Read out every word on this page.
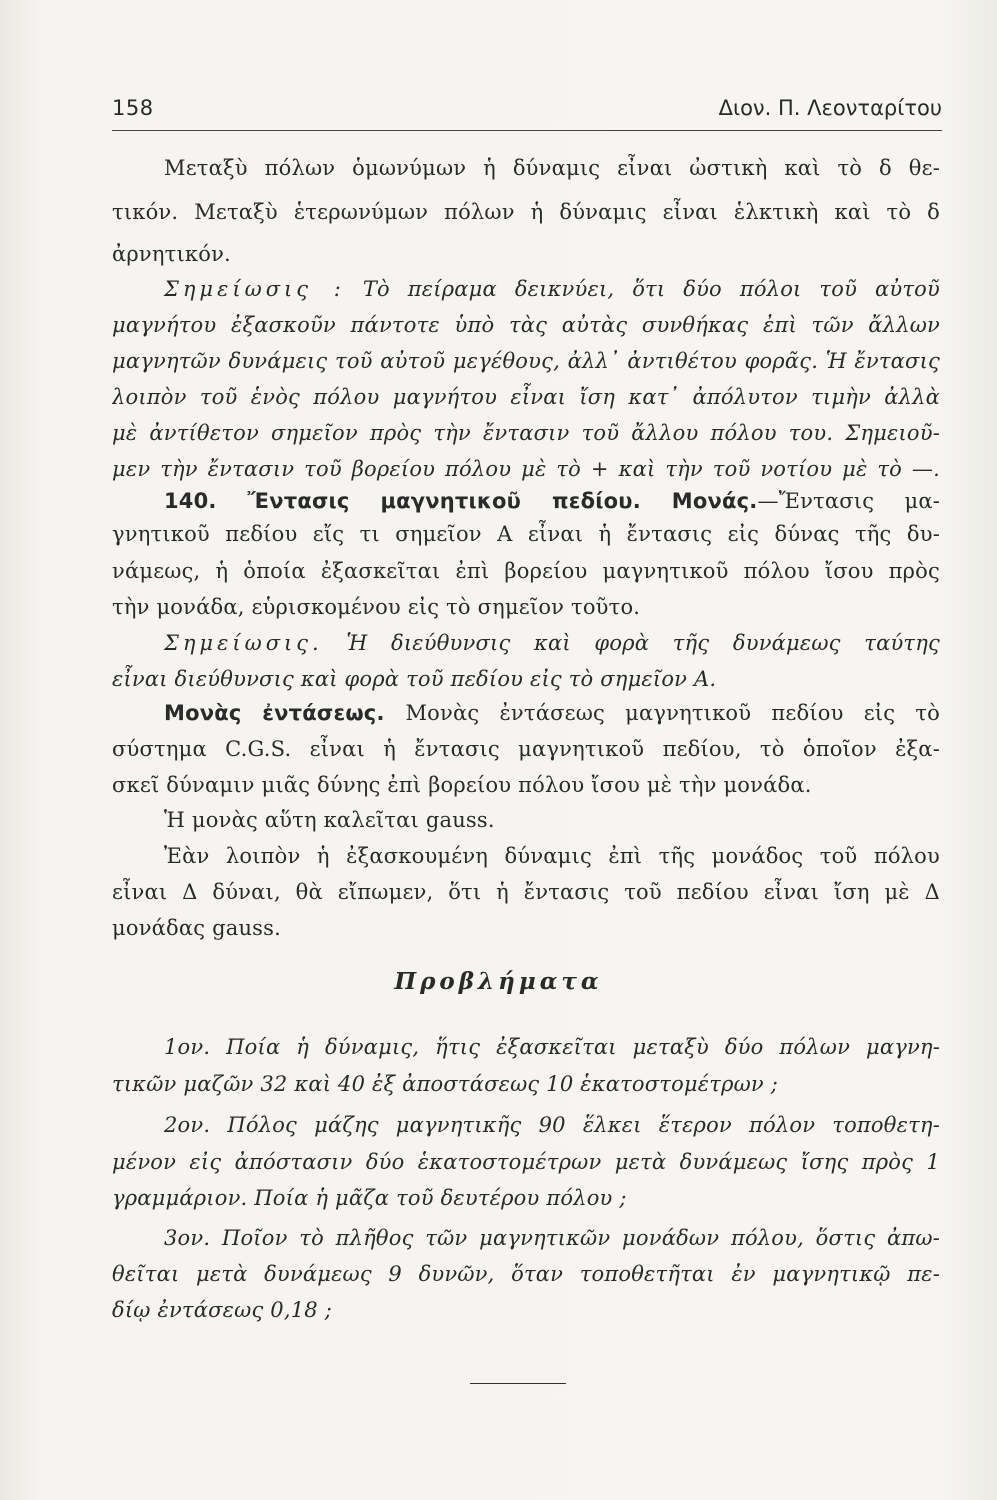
158	Διον. Π. Λεονταρίτου
Μεταξὺ πόλων ὁμωνύμων ἡ δύναμις εἶναι ὠστικὴ καὶ τὸ δ θε-
τικόν. Μεταξὺ ἑτερωνύμων πόλων ἡ δύναμις εἶναι ἑλκτικὴ καὶ τὸ δ
ἀρνητικόν.
Σημείωσις : Τὸ πείραμα δεικνύει, ὅτι δύο πόλοι τοῦ αὐτοῦ
μαγνήτου ἐξασκοῦν πάντοτε ὑπὸ τὰς αὐτὰς συνθήκας ἐπὶ τῶν ἄλλων
μαγνητῶν δυνάμεις τοῦ αὐτοῦ μεγέθους, ἀλλ᾽ ἀντιθέτου φορᾶς. Ἡ ἔντασις
λοιπὸν τοῦ ἑνὸς πόλου μαγνήτου εἶναι ἴση κατ᾽ ἀπόλυτον τιμὴν ἀλλὰ
μὲ ἀντίθετον σημεῖον πρὸς τὴν ἔντασιν τοῦ ἄλλου πόλου του. Σημειοῦ-
μεν τὴν ἔντασιν τοῦ βορείου πόλου μὲ τὸ + καὶ τὴν τοῦ νοτίου μὲ τὸ —.
140. Ἔντασις μαγνητικοῦ πεδίου. Μονάς.—Ἔντασις μα-
γνητικοῦ πεδίου εἴς τι σημεῖον Α εἶναι ἡ ἔντασις εἰς δύνας τῆς δυ-
νάμεως, ἡ ὁποία ἐξασκεῖται ἐπὶ βορείου μαγνητικοῦ πόλου ἴσου πρὸς
τὴν μονάδα, εὑρισκομένου εἰς τὸ σημεῖον τοῦτο.
Σημείωσις. Ἡ διεύθυνσις καὶ φορὰ τῆς δυνάμεως ταύτης
εἶναι διεύθυνσις καὶ φορὰ τοῦ πεδίου εἰς τὸ σημεῖον Α.
Μονὰς ἐντάσεως. Μονὰς ἐντάσεως μαγνητικοῦ πεδίου εἰς τὸ
σύστημα C.G.S. εἶναι ἡ ἔντασις μαγνητικοῦ πεδίου, τὸ ὁποῖον ἐξα-
σκεῖ δύναμιν μιᾶς δύνης ἐπὶ βορείου πόλου ἴσου μὲ τὴν μονάδα.
Ἡ μονὰς αὕτη καλεῖται gauss.
Ἐὰν λοιπὸν ἡ ἐξασκουμένη δύναμις ἐπὶ τῆς μονάδος τοῦ πόλου
εἶναι Δ δύναι, θὰ εἴπωμεν, ὅτι ἡ ἔντασις τοῦ πεδίου εἶναι ἴση μὲ Δ
μονάδας gauss.
Προβλήματα
1ον. Ποία ἡ δύναμις, ἥτις ἐξασκεῖται μεταξὺ δύο πόλων μαγνη-
τικῶν μαζῶν 32 καὶ 40 ἐξ ἀποστάσεως 10 ἑκατοστομέτρων ;
2ον. Πόλος μάζης μαγνητικῆς 90 ἕλκει ἕτερον πόλον τοποθετη-
μένον εἰς ἀπόστασιν δύο ἑκατοστομέτρων μετὰ δυνάμεως ἴσης πρὸς 1
γραμμάριον. Ποία ἡ μᾶζα τοῦ δευτέρου πόλου ;
3ον. Ποῖον τὸ πλῆθος τῶν μαγνητικῶν μονάδων πόλου, ὅστις ἀπω-
θεῖται μετὰ δυνάμεως 9 δυνῶν, ὅταν τοποθετῆται ἐν μαγνητικῷ πε-
δίῳ ἐντάσεως 0,18 ;
